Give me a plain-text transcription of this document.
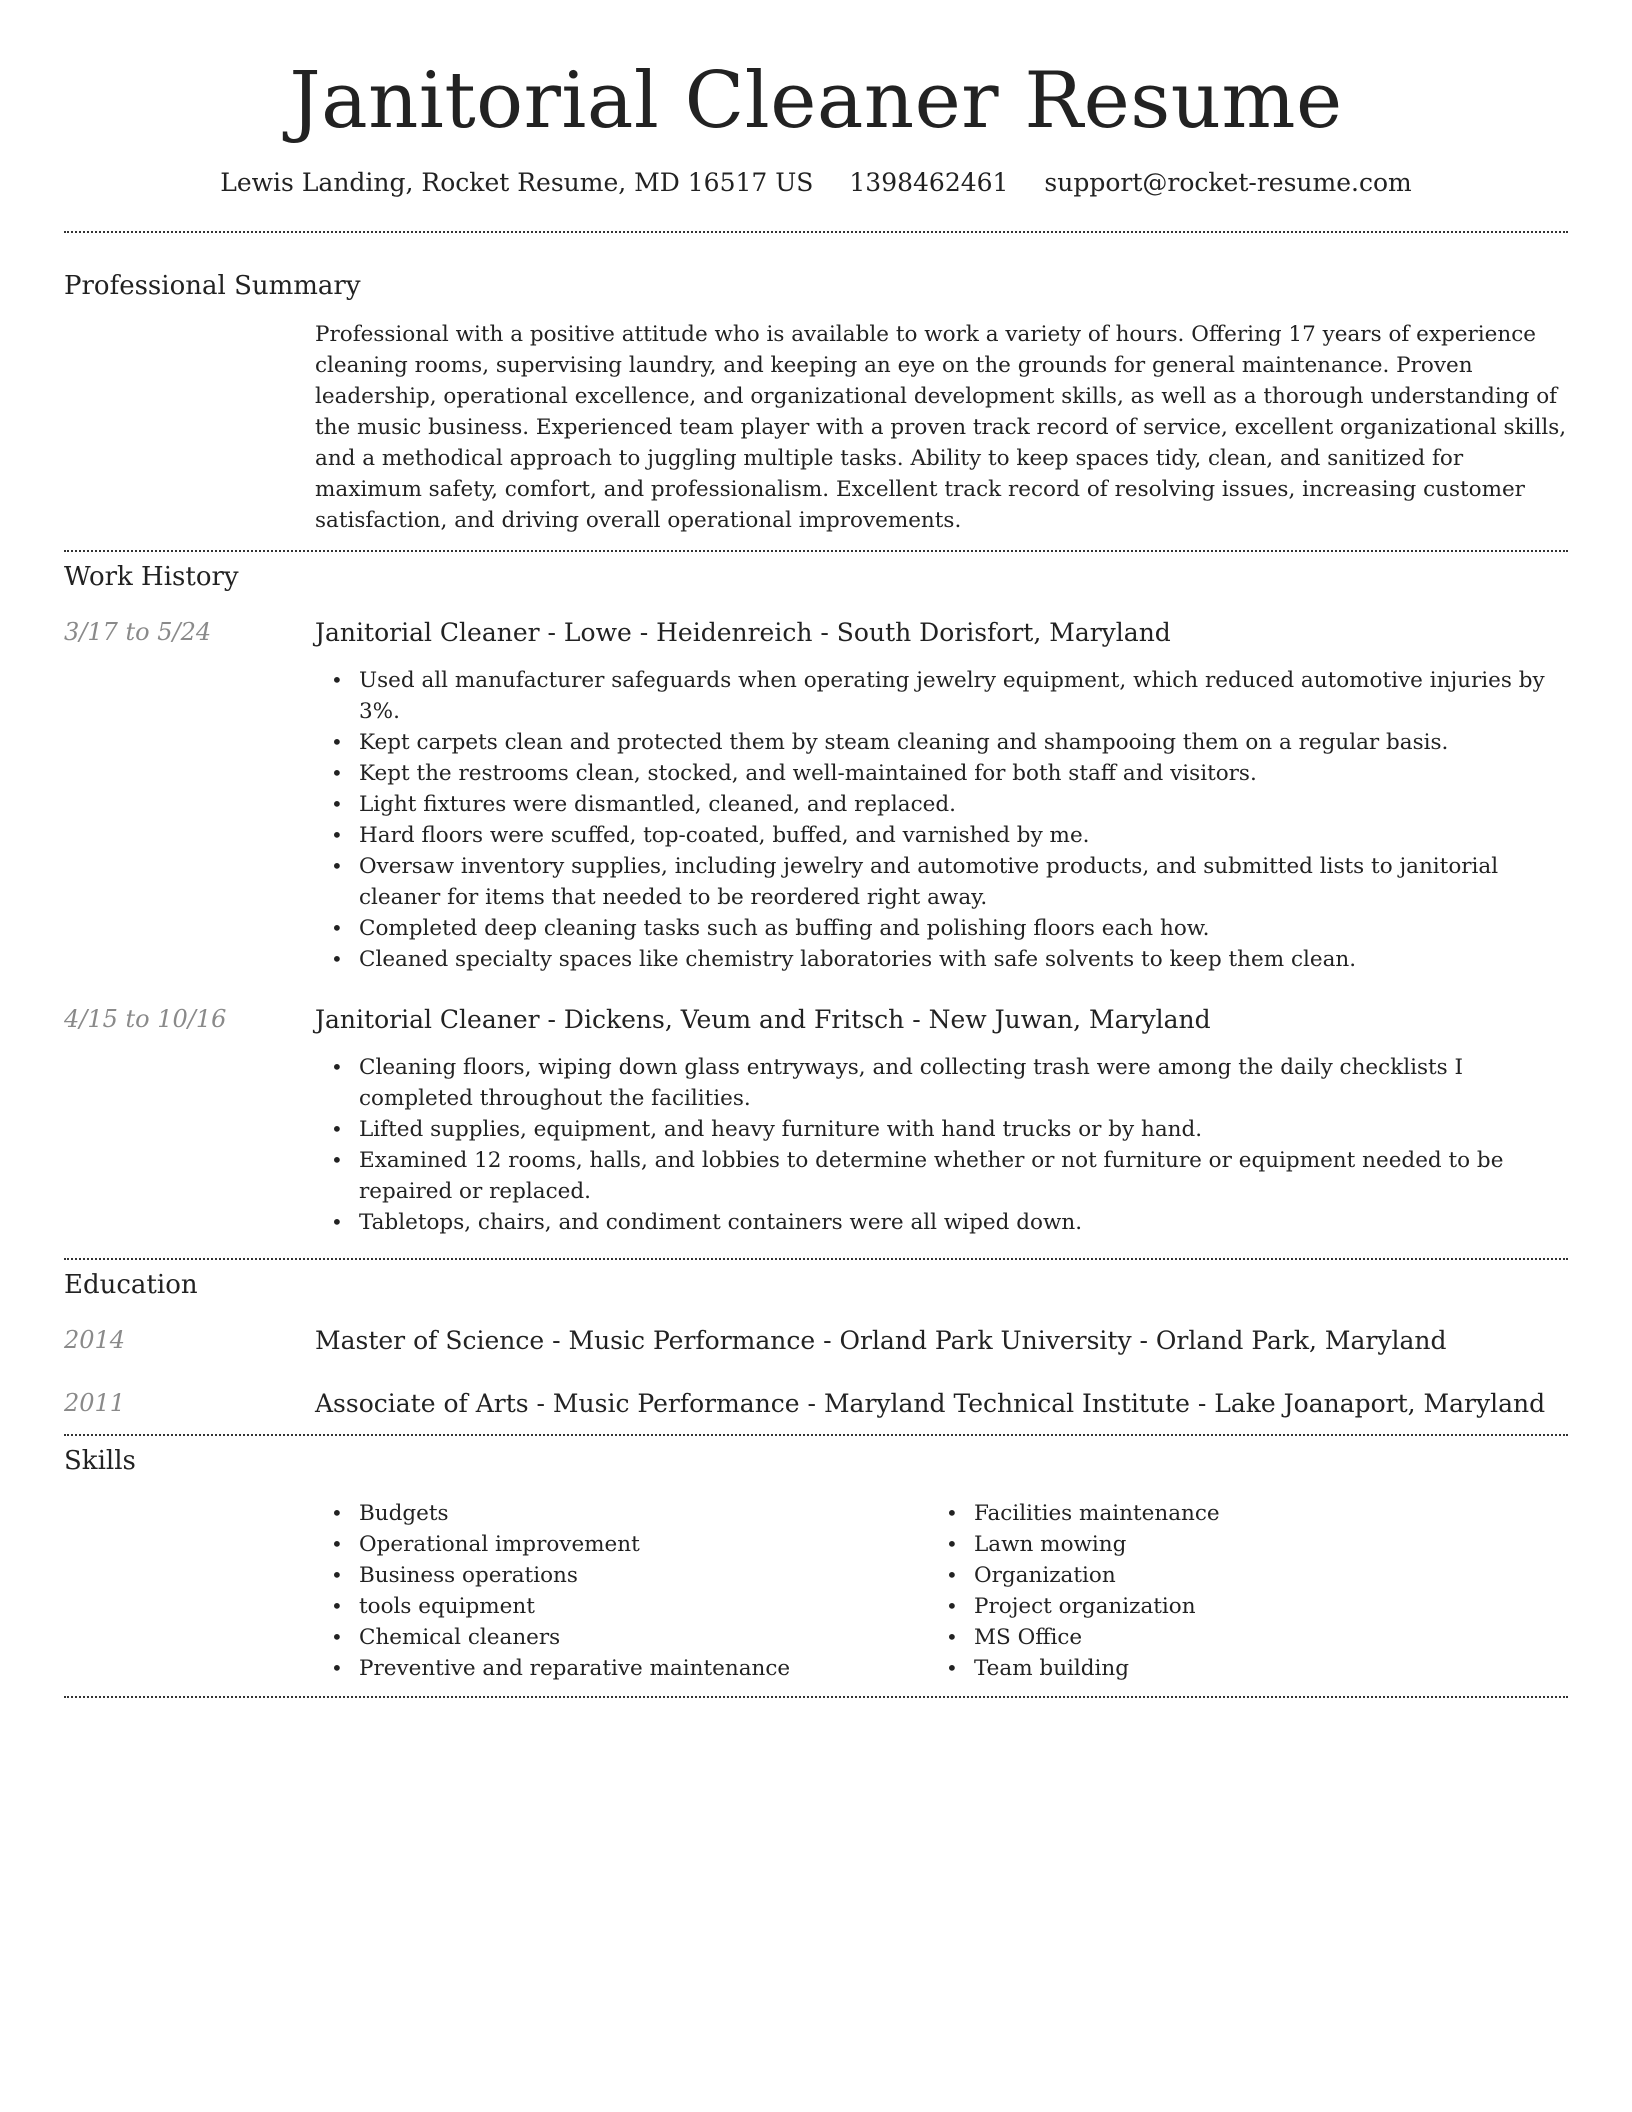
Janitorial Cleaner Resume
Lewis Landing, Rocket Resume, MD 16517 US 1398462461 support@rocket-resume.com
Professional Summary
Professional with a positive attitude who is available to work a variety of hours. Offering 17 years of experience cleaning rooms, supervising laundry, and keeping an eye on the grounds for general maintenance. Proven leadership, operational excellence, and organizational development skills, as well as a thorough understanding of the music business. Experienced team player with a proven track record of service, excellent organizational skills, and a methodical approach to juggling multiple tasks. Ability to keep spaces tidy, clean, and sanitized for maximum safety, comfort, and professionalism. Excellent track record of resolving issues, increasing customer satisfaction, and driving overall operational improvements.
Work History
3/17 to 5/24	Janitorial Cleaner - Lowe - Heidenreich - South Dorisfort, Maryland
• Used all manufacturer safeguards when operating jewelry equipment, which reduced automotive injuries by 3%.
• Kept carpets clean and protected them by steam cleaning and shampooing them on a regular basis.
• Kept the restrooms clean, stocked, and well-maintained for both staff and visitors.
• Light fixtures were dismantled, cleaned, and replaced.
• Hard floors were scuffed, top-coated, buffed, and varnished by me.
• Oversaw inventory supplies, including jewelry and automotive products, and submitted lists to janitorial cleaner for items that needed to be reordered right away.
• Completed deep cleaning tasks such as buffing and polishing floors each how.
• Cleaned specialty spaces like chemistry laboratories with safe solvents to keep them clean.
4/15 to 10/16	Janitorial Cleaner - Dickens, Veum and Fritsch - New Juwan, Maryland
• Cleaning floors, wiping down glass entryways, and collecting trash were among the daily checklists I completed throughout the facilities.
• Lifted supplies, equipment, and heavy furniture with hand trucks or by hand.
• Examined 12 rooms, halls, and lobbies to determine whether or not furniture or equipment needed to be repaired or replaced.
• Tabletops, chairs, and condiment containers were all wiped down.
Education
2014	Master of Science - Music Performance - Orland Park University - Orland Park, Maryland
2011	Associate of Arts - Music Performance - Maryland Technical Institute - Lake Joanaport, Maryland
Skills
• Budgets
• Operational improvement
• Business operations
• tools equipment
• Chemical cleaners
• Preventive and reparative maintenance
• Facilities maintenance
• Lawn mowing
• Organization
• Project organization
• MS Office
• Team building
